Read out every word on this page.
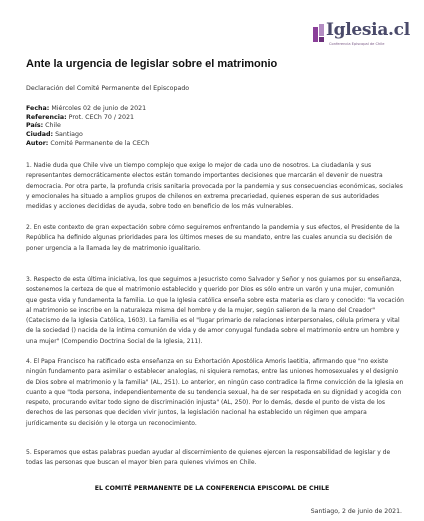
Iglesia.cl
Conferencia Episcopal de Chile
Ante la urgencia de legislar sobre el matrimonio
Declaración del Comité Permanente del Episcopado
Fecha: Miércoles 02 de junio de 2021
Referencia: Prot. CECh 70 / 2021
País: Chile
Ciudad: Santiago
Autor: Comité Permanente de la CECh

1. Nadie duda que Chile vive un tiempo complejo que exige lo mejor de cada uno de nosotros. La ciudadanía y sus representantes democráticamente electos están tomando importantes decisiones que marcarán el devenir de nuestra democracia. Por otra parte, la profunda crisis sanitaria provocada por la pandemia y sus consecuencias económicas, sociales y emocionales ha situado a amplios grupos de chilenos en extrema precariedad, quienes esperan de sus autoridades medidas y acciones decididas de ayuda, sobre todo en beneficio de los más vulnerables.

2. En este contexto de gran expectación sobre cómo seguiremos enfrentando la pandemia y sus efectos, el Presidente de la República ha definido algunas prioridades para los últimos meses de su mandato, entre las cuales anuncia su decisión de poner urgencia a la llamada ley de matrimonio igualitario.

3. Respecto de esta última iniciativa, los que seguimos a Jesucristo como Salvador y Señor y nos guiamos por su enseñanza, sostenemos la certeza de que el matrimonio establecido y querido por Dios es sólo entre un varón y una mujer, comunión que gesta vida y fundamenta la familia. Lo que la Iglesia católica enseña sobre esta materia es claro y conocido: "la vocación al matrimonio se inscribe en la naturaleza misma del hombre y de la mujer, según salieron de la mano del Creador" (Catecismo de la Iglesia Católica, 1603). La familia es el "lugar primario de relaciones interpersonales, célula primera y vital de la sociedad () nacida de la íntima comunión de vida y de amor conyugal fundada sobre el matrimonio entre un hombre y una mujer" (Compendio Doctrina Social de la Iglesia, 211).

4. El Papa Francisco ha ratificado esta enseñanza en su Exhortación Apostólica Amoris laetitia, afirmando que "no existe ningún fundamento para asimilar o establecer analogías, ni siquiera remotas, entre las uniones homosexuales y el designio de Dios sobre el matrimonio y la familia" (AL, 251). Lo anterior, en ningún caso contradice la firme convicción de la Iglesia en cuanto a que "toda persona, independientemente de su tendencia sexual, ha de ser respetada en su dignidad y acogida con respeto, procurando evitar todo signo de discriminación injusta" (AL, 250). Por lo demás, desde el punto de vista de los derechos de las personas que deciden vivir juntos, la legislación nacional ha establecido un régimen que ampara jurídicamente su decisión y le otorga un reconocimiento.

5. Esperamos que estas palabras puedan ayudar al discernimiento de quienes ejercen la responsabilidad de legislar y de todas las personas que buscan el mayor bien para quienes vivimos en Chile.

EL COMITÉ PERMANENTE DE LA CONFERENCIA EPISCOPAL DE CHILE
Santiago, 2 de junio de 2021.
